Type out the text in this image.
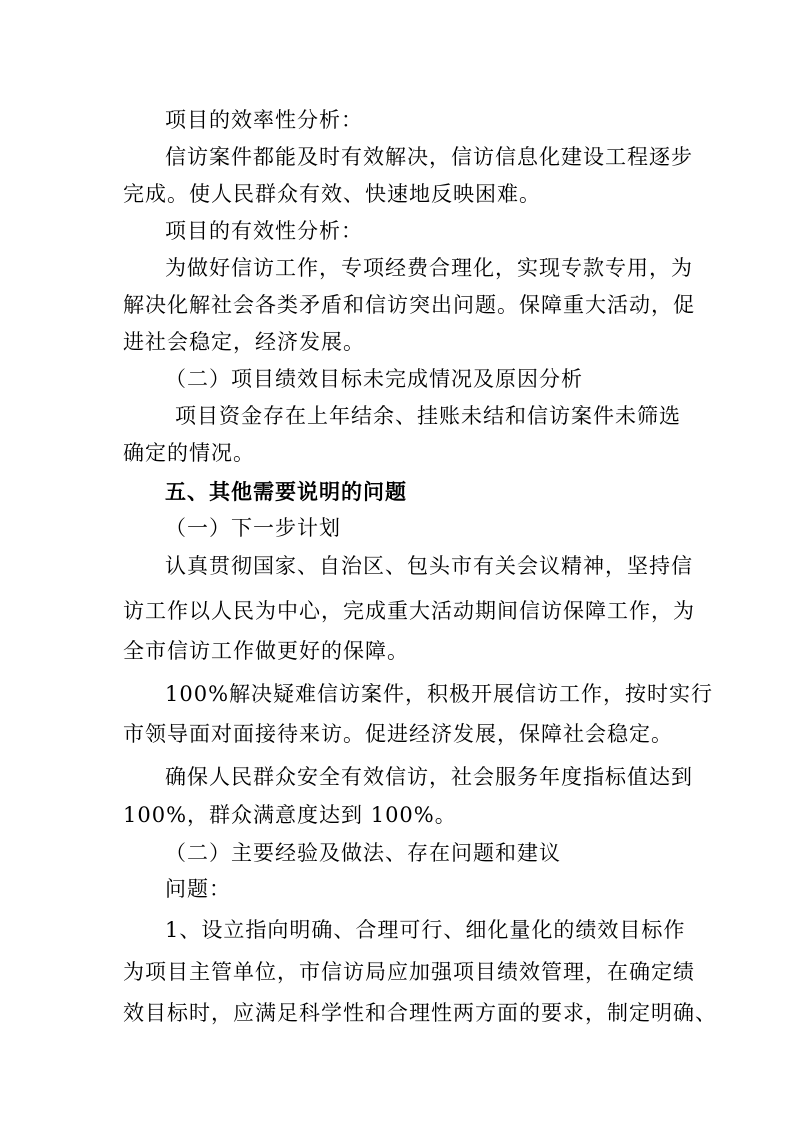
项目的效率性分析：
信访案件都能及时有效解决，信访信息化建设工程逐步
完成。使人民群众有效、快速地反映困难。
项目的有效性分析：
为做好信访工作，专项经费合理化，实现专款专用，为
解决化解社会各类矛盾和信访突出问题。保障重大活动，促
进社会稳定，经济发展。
（二）项目绩效目标未完成情况及原因分析
项目资金存在上年结余、挂账未结和信访案件未筛选
确定的情况。
五、其他需要说明的问题
（一）下一步计划
认真贯彻国家、自治区、包头市有关会议精神，坚持信
访工作以人民为中心，完成重大活动期间信访保障工作，为
全市信访工作做更好的保障。
100%解决疑难信访案件，积极开展信访工作，按时实行
市领导面对面接待来访。促进经济发展，保障社会稳定。
确保人民群众安全有效信访，社会服务年度指标值达到
100%，群众满意度达到 100%。
（二）主要经验及做法、存在问题和建议
问题：
1、设立指向明确、合理可行、细化量化的绩效目标作
为项目主管单位，市信访局应加强项目绩效管理，在确定绩
效目标时，应满足科学性和合理性两方面的要求，制定明确、
